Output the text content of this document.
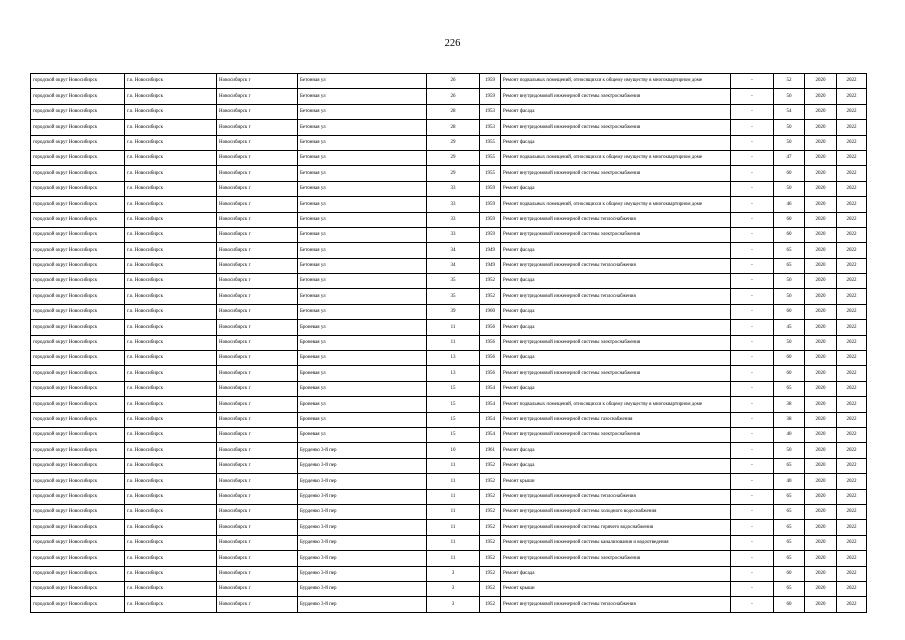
226
городской округ Новосибирск	г.о. Новосибирск	Новосибирск г	Бетонная ул	26	1959	Ремонт подвальных помещений, относящихся к общему имуществу в многоквартирном доме	-	52	2020	2022
городской округ Новосибирск	г.о. Новосибирск	Новосибирск г	Бетонная ул	26	1959	Ремонт внутридомовой инженерной системы электроснабжения	-	50	2020	2022
городской округ Новосибирск	г.о. Новосибирск	Новосибирск г	Бетонная ул	28	1953	Ремонт фасада	-	54	2020	2022
городской округ Новосибирск	г.о. Новосибирск	Новосибирск г	Бетонная ул	28	1953	Ремонт внутридомовой инженерной системы электроснабжения	-	50	2020	2022
городской округ Новосибирск	г.о. Новосибирск	Новосибирск г	Бетонная ул	29	1955	Ремонт фасада	-	50	2020	2022
городской округ Новосибирск	г.о. Новосибирск	Новосибирск г	Бетонная ул	29	1955	Ремонт подвальных помещений, относящихся к общему имуществу в многоквартирном доме	-	47	2020	2022
городской округ Новосибирск	г.о. Новосибирск	Новосибирск г	Бетонная ул	29	1955	Ремонт внутридомовой инженерной системы электроснабжения	-	60	2020	2022
городской округ Новосибирск	г.о. Новосибирск	Новосибирск г	Бетонная ул	33	1959	Ремонт фасада	-	50	2020	2022
городской округ Новосибирск	г.о. Новосибирск	Новосибирск г	Бетонная ул	33	1959	Ремонт подвальных помещений, относящихся к общему имуществу в многоквартирном доме	-	46	2020	2022
городской округ Новосибирск	г.о. Новосибирск	Новосибирск г	Бетонная ул	33	1959	Ремонт внутридомовой инженерной системы теплоснабжения	-	60	2020	2022
городской округ Новосибирск	г.о. Новосибирск	Новосибирск г	Бетонная ул	33	1959	Ремонт внутридомовой инженерной системы электроснабжения	-	60	2020	2022
городской округ Новосибирск	г.о. Новосибирск	Новосибирск г	Бетонная ул	34	1949	Ремонт фасада	-	65	2020	2022
городской округ Новосибирск	г.о. Новосибирск	Новосибирск г	Бетонная ул	34	1949	Ремонт внутридомовой инженерной системы теплоснабжения	-	65	2020	2022
городской округ Новосибирск	г.о. Новосибирск	Новосибирск г	Бетонная ул	35	1952	Ремонт фасада	-	50	2020	2022
городской округ Новосибирск	г.о. Новосибирск	Новосибирск г	Бетонная ул	35	1952	Ремонт внутридомовой инженерной системы теплоснабжения	-	50	2020	2022
городской округ Новосибирск	г.о. Новосибирск	Новосибирск г	Бетонная ул	39	1960	Ремонт фасада	-	60	2020	2022
городской округ Новосибирск	г.о. Новосибирск	Новосибирск г	Броневая ул	11	1956	Ремонт фасада	-	45	2020	2022
городской округ Новосибирск	г.о. Новосибирск	Новосибирск г	Броневая ул	11	1956	Ремонт внутридомовой инженерной системы электроснабжения	-	50	2020	2022
городской округ Новосибирск	г.о. Новосибирск	Новосибирск г	Броневая ул	13	1956	Ремонт фасада	-	60	2020	2022
городской округ Новосибирск	г.о. Новосибирск	Новосибирск г	Броневая ул	13	1956	Ремонт внутридомовой инженерной системы электроснабжения	-	60	2020	2022
городской округ Новосибирск	г.о. Новосибирск	Новосибирск г	Броневая ул	15	1954	Ремонт фасада	-	65	2020	2022
городской округ Новосибирск	г.о. Новосибирск	Новосибирск г	Броневая ул	15	1954	Ремонт подвальных помещений, относящихся к общему имуществу в многоквартирном доме	-	38	2020	2022
городской округ Новосибирск	г.о. Новосибирск	Новосибирск г	Броневая ул	15	1954	Ремонт внутридомовой инженерной системы газоснабжения	-	38	2020	2022
городской округ Новосибирск	г.о. Новосибирск	Новосибирск г	Броневая ул	15	1954	Ремонт внутридомовой инженерной системы электроснабжения	-	40	2020	2022
городской округ Новосибирск	г.о. Новосибирск	Новосибирск г	Бурденко 3-й пер	10	1961	Ремонт фасада	-	50	2020	2022
городской округ Новосибирск	г.о. Новосибирск	Новосибирск г	Бурденко 3-й пер	11	1952	Ремонт фасада	-	65	2020	2022
городской округ Новосибирск	г.о. Новосибирск	Новосибирск г	Бурденко 3-й пер	11	1952	Ремонт крыши	-	40	2020	2022
городской округ Новосибирск	г.о. Новосибирск	Новосибирск г	Бурденко 3-й пер	11	1952	Ремонт внутридомовой инженерной системы теплоснабжения	-	65	2020	2022
городской округ Новосибирск	г.о. Новосибирск	Новосибирск г	Бурденко 3-й пер	11	1952	Ремонт внутридомовой инженерной системы холодного водоснабжения	-	65	2020	2022
городской округ Новосибирск	г.о. Новосибирск	Новосибирск г	Бурденко 3-й пер	11	1952	Ремонт внутридомовой инженерной системы горячего водоснабжения	-	65	2020	2022
городской округ Новосибирск	г.о. Новосибирск	Новосибирск г	Бурденко 3-й пер	11	1952	Ремонт внутридомовой инженерной системы канализования и водоотведения	-	65	2020	2022
городской округ Новосибирск	г.о. Новосибирск	Новосибирск г	Бурденко 3-й пер	11	1952	Ремонт внутридомовой инженерной системы электроснабжения	-	65	2020	2022
городской округ Новосибирск	г.о. Новосибирск	Новосибирск г	Бурденко 3-й пер	3	1952	Ремонт фасада	-	60	2020	2022
городской округ Новосибирск	г.о. Новосибирск	Новосибирск г	Бурденко 3-й пер	3	1952	Ремонт крыши	-	65	2020	2022
городской округ Новосибирск	г.о. Новосибирск	Новосибирск г	Бурденко 3-й пер	3	1952	Ремонт внутридомовой инженерной системы теплоснабжения	-	60	2020	2022
